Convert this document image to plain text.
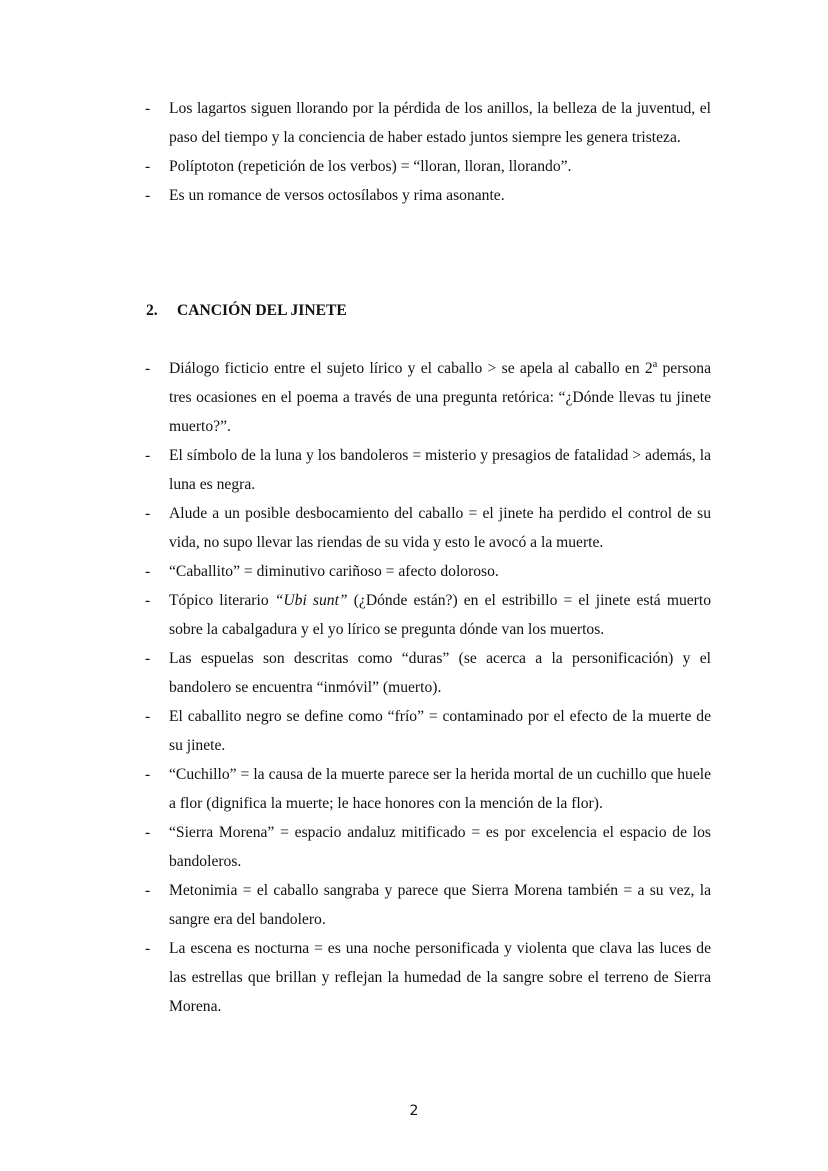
- Los lagartos siguen llorando por la pérdida de los anillos, la belleza de la juventud, el paso del tiempo y la conciencia de haber estado juntos siempre les genera tristeza.
- Políptoton (repetición de los verbos) = “lloran, lloran, llorando”.
- Es un romance de versos octosílabos y rima asonante.
2. CANCIÓN DEL JINETE
- Diálogo ficticio entre el sujeto lírico y el caballo > se apela al caballo en 2$^a$ persona tres ocasiones en el poema a través de una pregunta retórica: “¿Dónde llevas tu jinete muerto?”.
- El símbolo de la luna y los bandoleros = misterio y presagios de fatalidad > además, la luna es negra.
- Alude a un posible desbocamiento del caballo = el jinete ha perdido el control de su vida, no supo llevar las riendas de su vida y esto le avocó a la muerte.
- “Caballito” = diminutivo cariñoso = afecto doloroso.
- Tópico literario “Ubi sunt” (¿Dónde están?) en el estribillo = el jinete está muerto sobre la cabalgadura y el yo lírico se pregunta dónde van los muertos.
- Las espuelas son descritas como “duras” (se acerca a la personificación) y el bandolero se encuentra “inmóvil” (muerto).
- El caballito negro se define como “frío” = contaminado por el efecto de la muerte de su jinete.
- “Cuchillo” = la causa de la muerte parece ser la herida mortal de un cuchillo que huele a flor (dignifica la muerte; le hace honores con la mención de la flor).
- “Sierra Morena” = espacio andaluz mitificado = es por excelencia el espacio de los bandoleros.
- Metonimia = el caballo sangraba y parece que Sierra Morena también = a su vez, la sangre era del bandolero.
- La escena es nocturna = es una noche personificada y violenta que clava las luces de las estrellas que brillan y reflejan la humedad de la sangre sobre el terreno de Sierra Morena.
2
